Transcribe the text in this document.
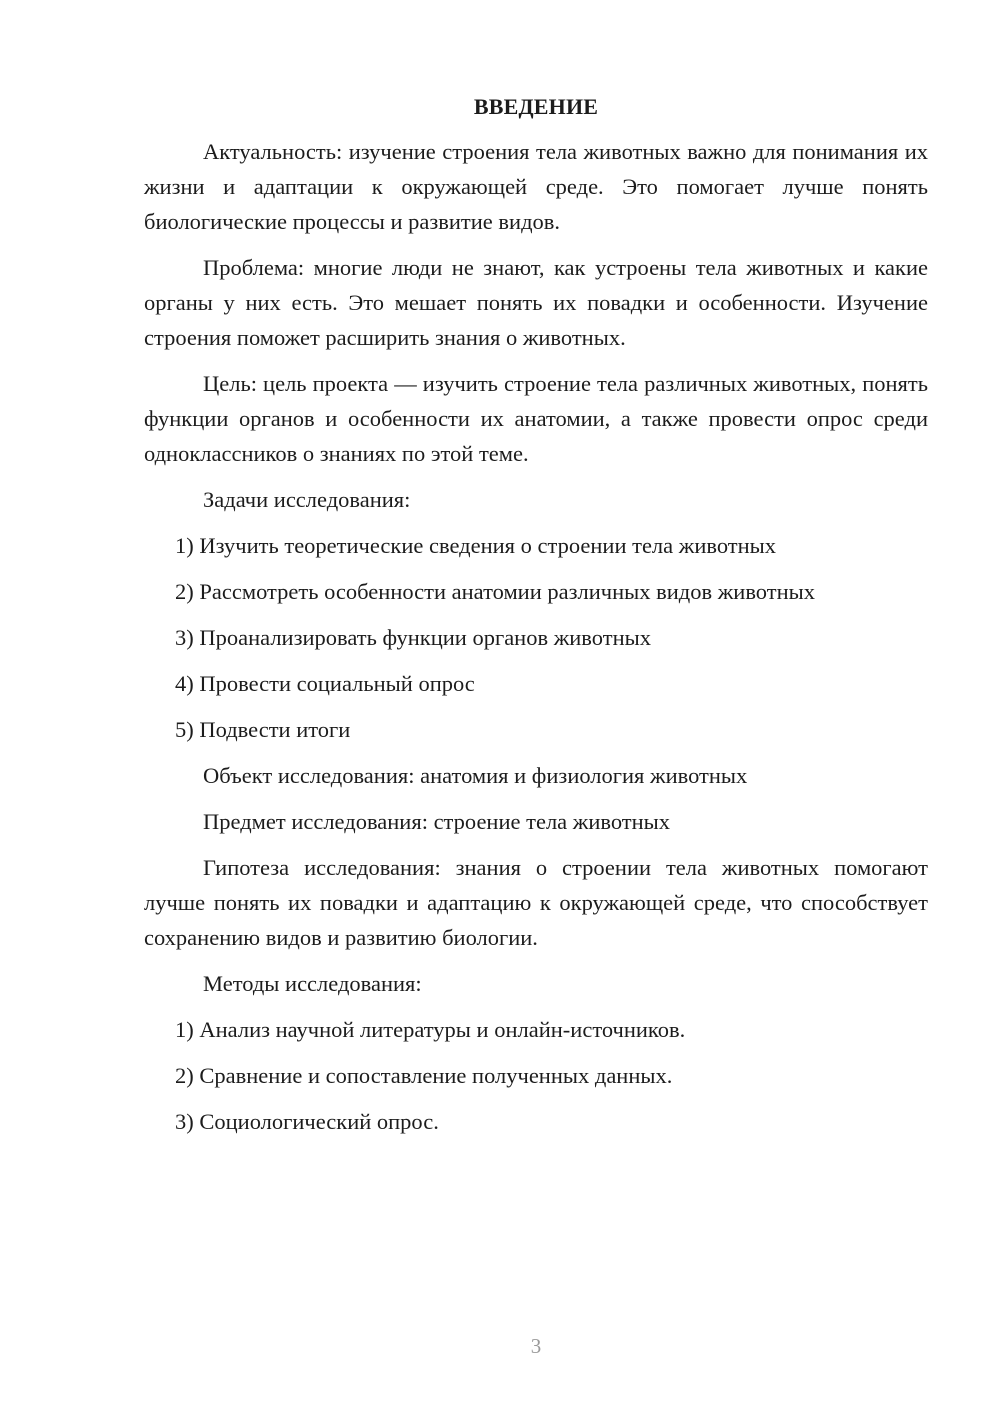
ВВЕДЕНИЕ

Актуальность: изучение строения тела животных важно для понимания их жизни и адаптации к окружающей среде. Это помогает лучше понять биологические процессы и развитие видов.

Проблема: многие люди не знают, как устроены тела животных и какие органы у них есть. Это мешает понять их повадки и особенности. Изучение строения поможет расширить знания о животных.

Цель: цель проекта — изучить строение тела различных животных, понять функции органов и особенности их анатомии, а также провести опрос среди одноклассников о знаниях по этой теме.

Задачи исследования:
1) Изучить теоретические сведения о строении тела животных
2) Рассмотреть особенности анатомии различных видов животных
3) Проанализировать функции органов животных
4) Провести социальный опрос
5) Подвести итоги
Объект исследования: анатомия и физиология животных
Предмет исследования: строение тела животных

Гипотеза исследования: знания о строении тела животных помогают лучше понять их повадки и адаптацию к окружающей среде, что способствует сохранению видов и развитию биологии.

Методы исследования:
1) Анализ научной литературы и онлайн-источников.
2) Сравнение и сопоставление полученных данных.
3) Социологический опрос.
3
